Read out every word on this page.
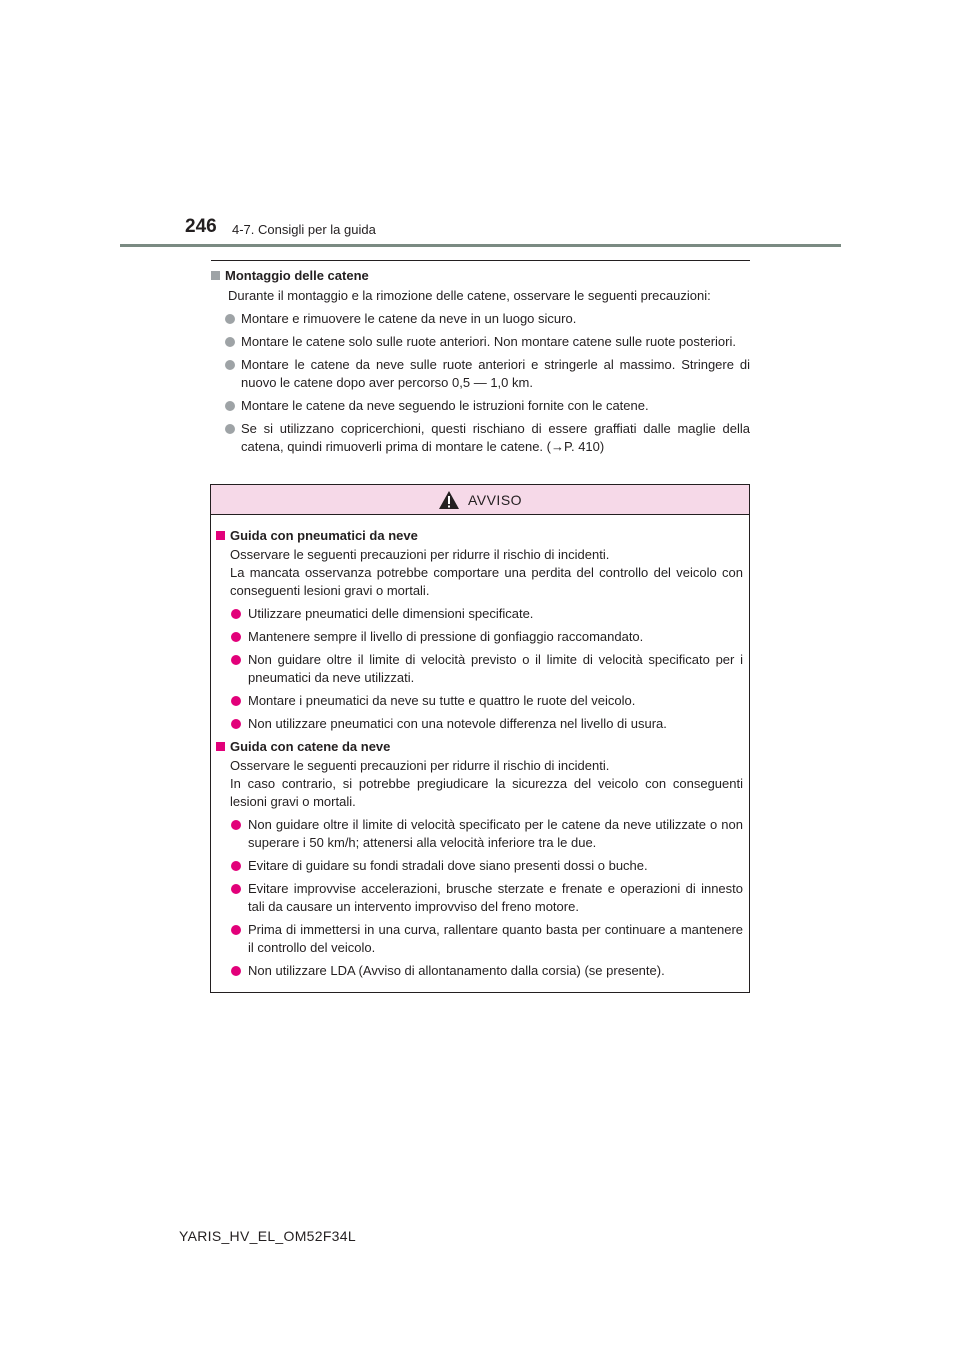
246 4-7. Consigli per la guida
Montaggio delle catene
Durante il montaggio e la rimozione delle catene, osservare le seguenti precauzioni:
Montare e rimuovere le catene da neve in un luogo sicuro.
Montare le catene solo sulle ruote anteriori. Non montare catene sulle ruote posteriori.
Montare le catene da neve sulle ruote anteriori e stringerle al massimo. Stringere di nuovo le catene dopo aver percorso 0,5 — 1,0 km.
Montare le catene da neve seguendo le istruzioni fornite con le catene.
Se si utilizzano copricerchioni, questi rischiano di essere graffiati dalle maglie della catena, quindi rimuoverli prima di montare le catene. (→P. 410)
AVVISO
Guida con pneumatici da neve
Osservare le seguenti precauzioni per ridurre il rischio di incidenti.
La mancata osservanza potrebbe comportare una perdita del controllo del veicolo con conseguenti lesioni gravi o mortali.
Utilizzare pneumatici delle dimensioni specificate.
Mantenere sempre il livello di pressione di gonfiaggio raccomandato.
Non guidare oltre il limite di velocità previsto o il limite di velocità specificato per i pneumatici da neve utilizzati.
Montare i pneumatici da neve su tutte e quattro le ruote del veicolo.
Non utilizzare pneumatici con una notevole differenza nel livello di usura.
Guida con catene da neve
Osservare le seguenti precauzioni per ridurre il rischio di incidenti.
In caso contrario, si potrebbe pregiudicare la sicurezza del veicolo con conseguenti lesioni gravi o mortali.
Non guidare oltre il limite di velocità specificato per le catene da neve utilizzate o non superare i 50 km/h; attenersi alla velocità inferiore tra le due.
Evitare di guidare su fondi stradali dove siano presenti dossi o buche.
Evitare improvvise accelerazioni, brusche sterzate e frenate e operazioni di innesto tali da causare un intervento improvviso del freno motore.
Prima di immettersi in una curva, rallentare quanto basta per continuare a mantenere il controllo del veicolo.
Non utilizzare LDA (Avviso di allontanamento dalla corsia) (se presente).
YARIS_HV_EL_OM52F34L
